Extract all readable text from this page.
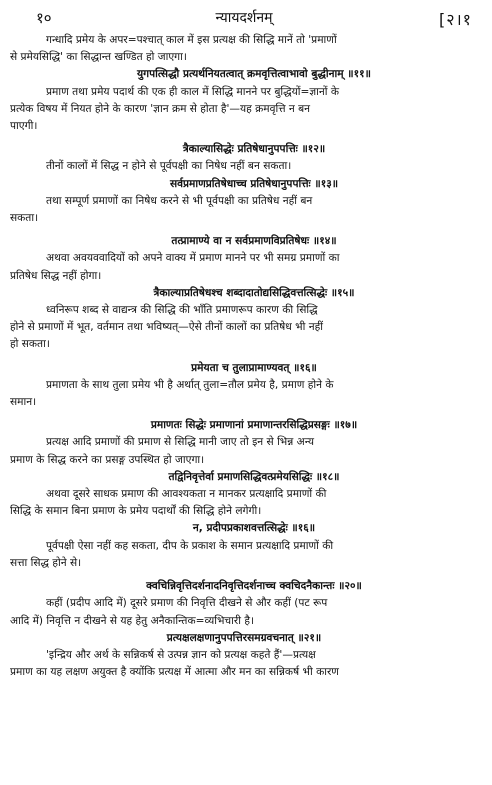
१०	न्यायदर्शनम्	[२।१
गन्धादि प्रमेय के अपर=पश्चात् काल में इस प्रत्यक्ष की सिद्धि मानें तो 'प्रमाणों
से प्रमेयसिद्धि' का सिद्धान्त खण्डित हो जाएगा।
युगपत्सिद्धौ प्रत्यर्थनियतत्वात् क्रमवृत्तित्वाभावो बुद्धीनाम् ॥११॥
प्रमाण तथा प्रमेय पदार्थ की एक ही काल में सिद्धि मानने पर बुद्धियों=ज्ञानों के
प्रत्येक विषय में नियत होने के कारण 'ज्ञान क्रम से होता है'—यह क्रमवृत्ति न बन
पाएगी।
त्रैकाल्यासिद्धेः प्रतिषेधानुपपत्तिः ॥१२॥
तीनों कालों में सिद्ध न होने से पूर्वपक्षी का निषेध नहीं बन सकता।
सर्वप्रमाणप्रतिषेधाच्च प्रतिषेधानुपपत्तिः ॥१३॥
तथा सम्पूर्ण प्रमाणों का निषेध करने से भी पूर्वपक्षी का प्रतिषेध नहीं बन
सकता।
तत्प्रामाण्ये वा न सर्वप्रमाणविप्रतिषेधः ॥१४॥
अथवा अवयववादियों को अपने वाक्य में प्रमाण मानने पर भी समग्र प्रमाणों का
प्रतिषेध सिद्ध नहीं होगा।
त्रैकाल्याप्रतिषेधश्च शब्दादातोद्यसिद्धिवत्तत्सिद्धेः ॥१५॥
ध्वनिरूप शब्द से वाद्यन्त्र की सिद्धि की भाँति प्रमाणरूप कारण की सिद्धि
होने से प्रमाणों में भूत, वर्तमान तथा भविष्यत्—ऐसे तीनों कालों का प्रतिषेध भी नहीं
हो सकता।
प्रमेयता च तुलाप्रामाण्यवत् ॥१६॥
प्रमाणता के साथ तुला प्रमेय भी है अर्थात् तुला=तौल प्रमेय है, प्रमाण होने के
समान।
प्रमाणतः सिद्धेः प्रमाणानां प्रमाणान्तरसिद्धिप्रसङ्गः ॥१७॥
प्रत्यक्ष आदि प्रमाणों की प्रमाण से सिद्धि मानी जाए तो इन से भिन्न अन्य
प्रमाण के सिद्ध करने का प्रसङ्ग उपस्थित हो जाएगा।
तद्विनिवृत्तेर्वा प्रमाणसिद्धिवत्प्रमेयसिद्धिः ॥१८॥
अथवा दूसरे साधक प्रमाण की आवश्यकता न मानकर प्रत्यक्षादि प्रमाणों की
सिद्धि के समान बिना प्रमाण के प्रमेय पदार्थों की सिद्धि होने लगेगी।
न, प्रदीपप्रकाशवत्तत्सिद्धेः ॥१६॥
पूर्वपक्षी ऐसा नहीं कह सकता, दीप के प्रकाश के समान प्रत्यक्षादि प्रमाणों की
सत्ता सिद्ध होने से।
क्वचिन्निवृत्तिदर्शनादनिवृत्तिदर्शनाच्च क्वचिदनैकान्तः ॥२०॥
कहीं (प्रदीप आदि में) दूसरे प्रमाण की निवृत्ति दीखने से और कहीं (पट रूप
आदि में) निवृत्ति न दीखने से यह हेतु अनैकान्तिक=व्यभिचारी है।
प्रत्यक्षलक्षणानुपपत्तिरसमग्रवचनात् ॥२१॥
'इन्द्रिय और अर्थ के सन्निकर्ष से उत्पन्न ज्ञान को प्रत्यक्ष कहते हैं'—प्रत्यक्ष
प्रमाण का यह लक्षण अयुक्त है क्योंकि प्रत्यक्ष में आत्मा और मन का सन्निकर्ष भी कारण
